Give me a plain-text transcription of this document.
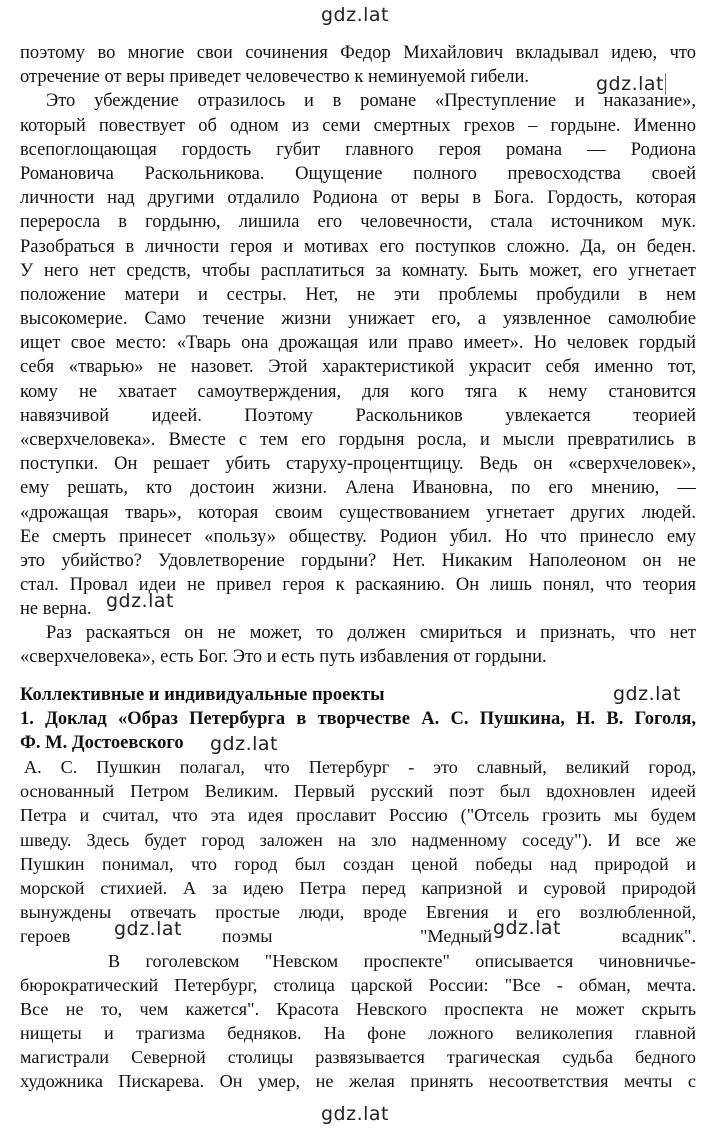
gdz.lat
gdz.lat
gdz.lat
gdz.lat
gdz.lat
gdz.lat	gdz.lat
gdz.lat
поэтому во многие свои сочинения Федор Михайлович вкладывал идею, что
отречение от веры приведет человечество к неминуемой гибели.
Это убеждение отразилось и в романе «Преступление и наказание»,
который повествует об одном из семи смертных грехов – гордыне. Именно
всепоглощающая гордость губит главного героя романа — Родиона
Романовича Раскольникова. Ощущение полного превосходства своей
личности над другими отдалило Родиона от веры в Бога. Гордость, которая
переросла в гордыню, лишила его человечности, стала источником мук.
Разобраться в личности героя и мотивах его поступков сложно. Да, он беден.
У него нет средств, чтобы расплатиться за комнату. Быть может, его угнетает
положение матери и сестры. Нет, не эти проблемы пробудили в нем
высокомерие. Само течение жизни унижает его, а уязвленное самолюбие
ищет свое место: «Тварь она дрожащая или право имеет». Но человек гордый
себя «тварью» не назовет. Этой характеристикой украсит себя именно тот,
кому не хватает самоутверждения, для кого тяга к нему становится
навязчивой идеей. Поэтому Раскольников увлекается теорией
«сверхчеловека». Вместе с тем его гордыня росла, и мысли превратились в
поступки. Он решает убить старуху-процентщицу. Ведь он «сверхчеловек»,
ему решать, кто достоин жизни. Алена Ивановна, по его мнению, —
«дрожащая тварь», которая своим существованием угнетает других людей.
Ее смерть принесет «пользу» обществу. Родион убил. Но что принесло ему
это убийство? Удовлетворение гордыни? Нет. Никаким Наполеоном он не
стал. Провал идеи не привел героя к раскаянию. Он лишь понял, что теория
не верна.
Раз раскаяться он не может, то должен смириться и признать, что нет
«сверхчеловека», есть Бог. Это и есть путь избавления от гордыни.
Коллективные и индивидуальные проекты
1. Доклад «Образ Петербурга в творчестве А. С. Пушкина, Н. В. Гоголя,
Ф. М. Достоевского
А. С. Пушкин полагал, что Петербург - это славный, великий город,
основанный Петром Великим. Первый русский поэт был вдохновлен идеей
Петра и считал, что эта идея прославит Россию ("Отсель грозить мы будем
шведу. Здесь будет город заложен на зло надменному соседу"). И все же
Пушкин понимал, что город был создан ценой победы над природой и
морской стихией. А за идею Петра перед капризной и суровой природой
вынуждены отвечать простые люди, вроде Евгения и его возлюбленной,
героев	поэмы	"Медный	всадник".
В гоголевском "Невском проспекте" описывается чиновничье-
бюрократический Петербург, столица царской России: "Все - обман, мечта.
Все не то, чем кажется". Красота Невского проспекта не может скрыть
нищеты и трагизма бедняков. На фоне ложного великолепия главной
магистрали Северной столицы развязывается трагическая судьба бедного
художника Пискарева. Он умер, не желая принять несоответствия мечты с
